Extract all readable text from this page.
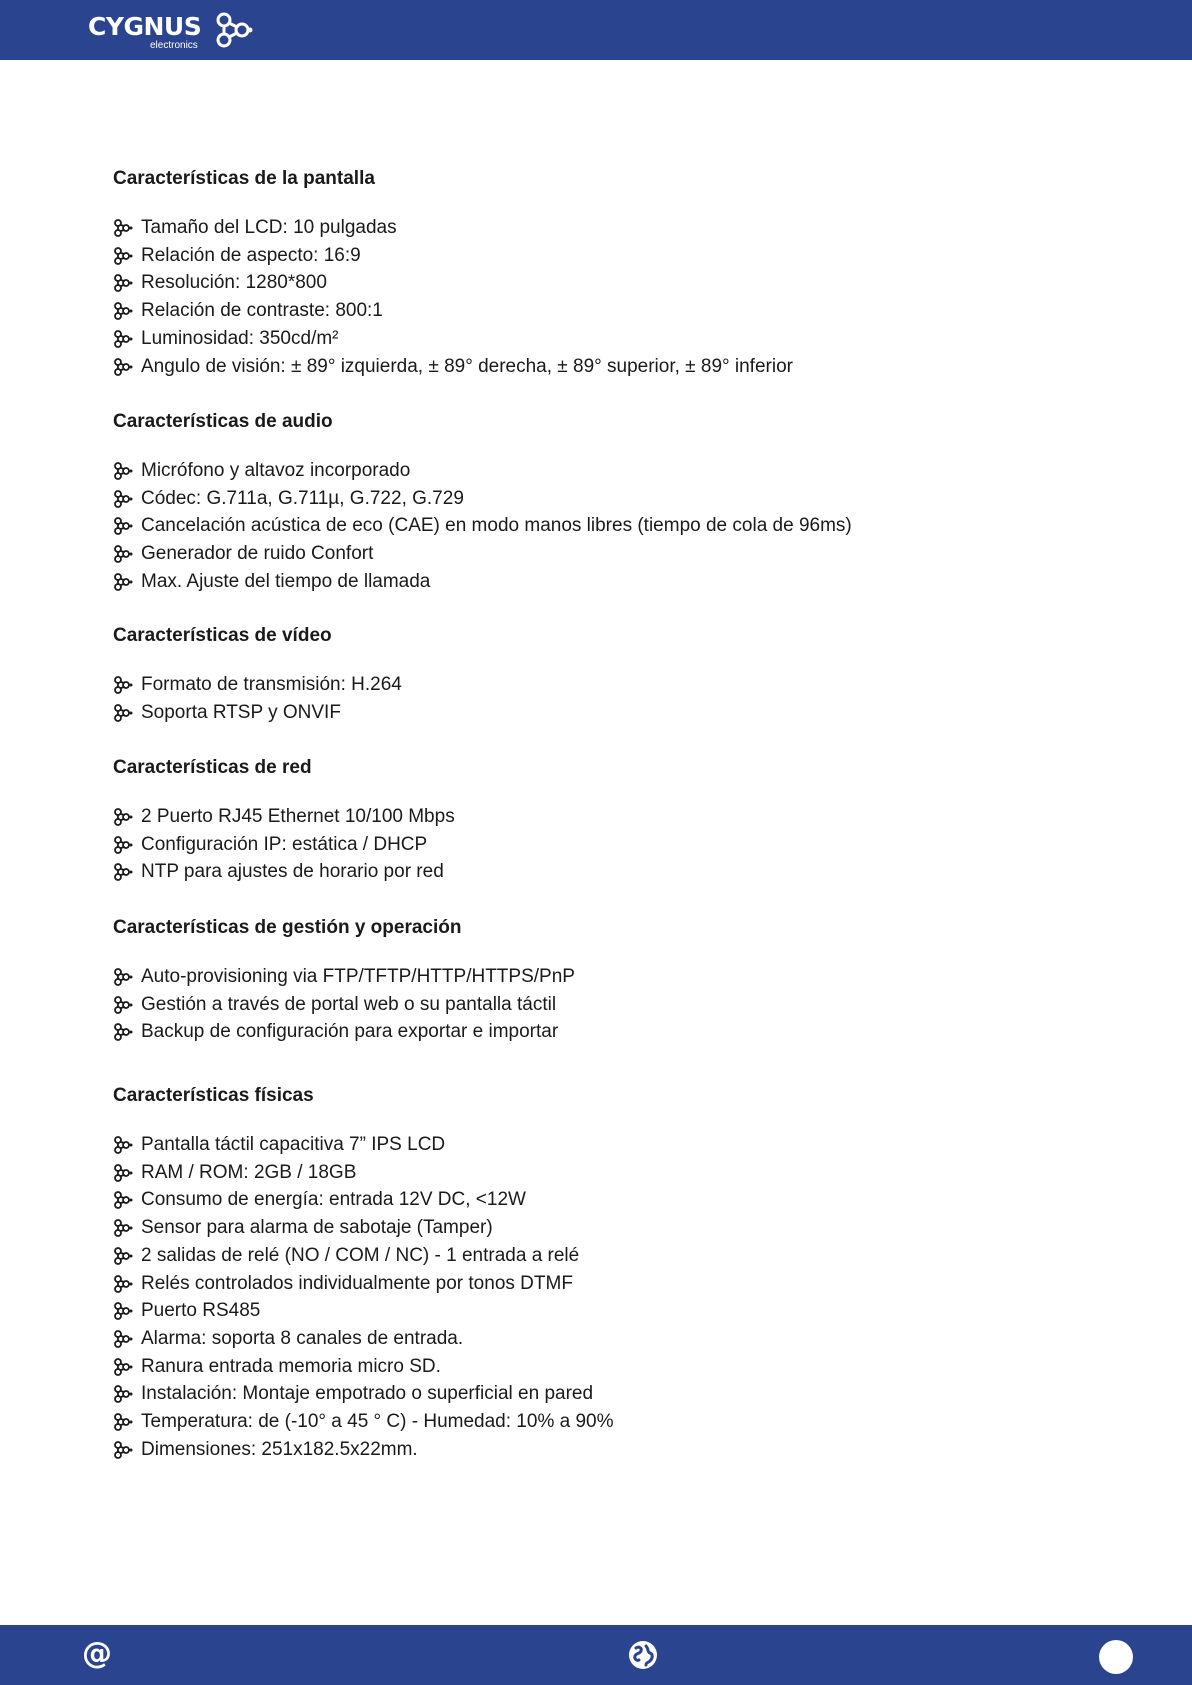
CYGNUS
electronics
Características de la pantalla
Tamaño del LCD: 10 pulgadas
Relación de aspecto: 16:9
Resolución: 1280*800
Relación de contraste: 800:1
Luminosidad: 350cd/m²
Angulo de visión: ± 89° izquierda, ± 89° derecha, ± 89° superior, ± 89° inferior
Características de audio
Micrófono y altavoz incorporado
Códec: G.711a, G.711µ, G.722, G.729
Cancelación acústica de eco (CAE) en modo manos libres (tiempo de cola de 96ms)
Generador de ruido Confort
Max. Ajuste del tiempo de llamada
Características de vídeo
Formato de transmisión: H.264
Soporta RTSP y ONVIF
Características de red
2 Puerto RJ45 Ethernet 10/100 Mbps
Configuración IP: estática / DHCP
NTP para ajustes de horario por red
Características de gestión y operación
Auto-provisioning via FTP/TFTP/HTTP/HTTPS/PnP
Gestión a través de portal web o su pantalla táctil
Backup de configuración para exportar e importar
Características físicas
Pantalla táctil capacitiva 7” IPS LCD
RAM / ROM: 2GB / 18GB
Consumo de energía: entrada 12V DC, <12W
Sensor para alarma de sabotaje (Tamper)
2 salidas de relé (NO / COM / NC) - 1 entrada a relé
Relés controlados individualmente por tonos DTMF
Puerto RS485
Alarma: soporta 8 canales de entrada.
Ranura entrada memoria micro SD.
Instalación: Montaje empotrado o superficial en pared
Temperatura: de (-10° a 45 ° C) - Humedad: 10% a 90%
Dimensiones: 251x182.5x22mm.
@
